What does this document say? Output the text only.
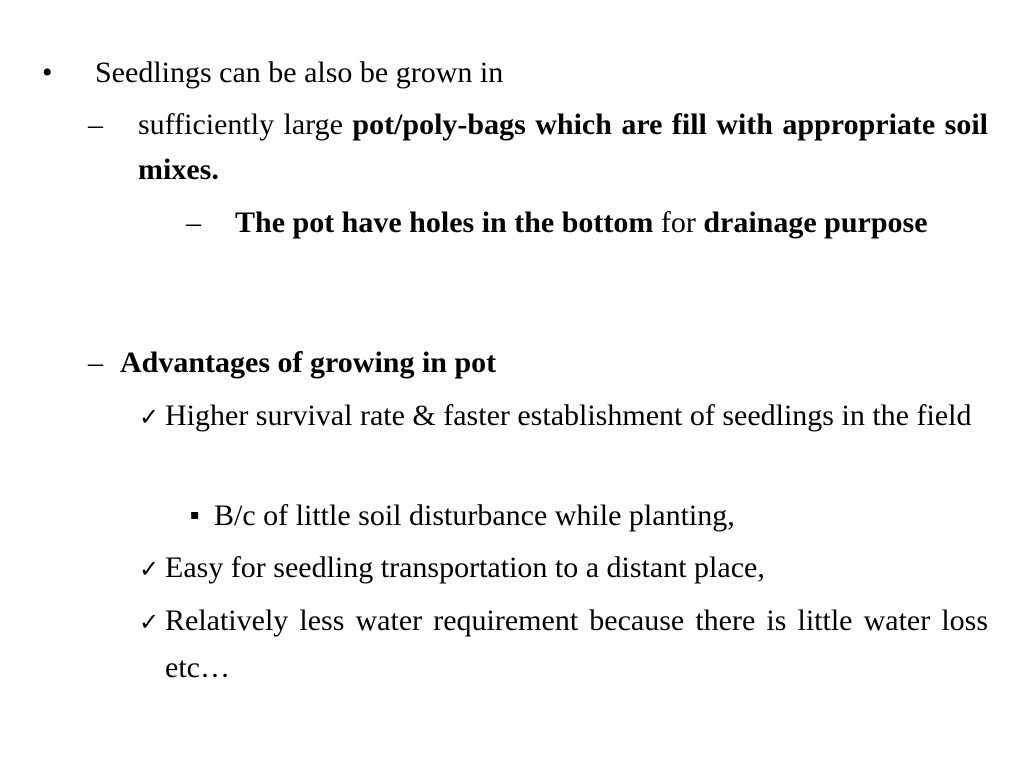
• Seedlings can be also be grown in
– sufficiently large pot/poly-bags which are fill with appropriate soil mixes.
– The pot have holes in the bottom for drainage purpose
– Advantages of growing in pot
✓ Higher survival rate & faster establishment of seedlings in the field
▪ B/c of little soil disturbance while planting,
✓ Easy for seedling transportation to a distant place,
✓ Relatively less water requirement because there is little water loss etc…
